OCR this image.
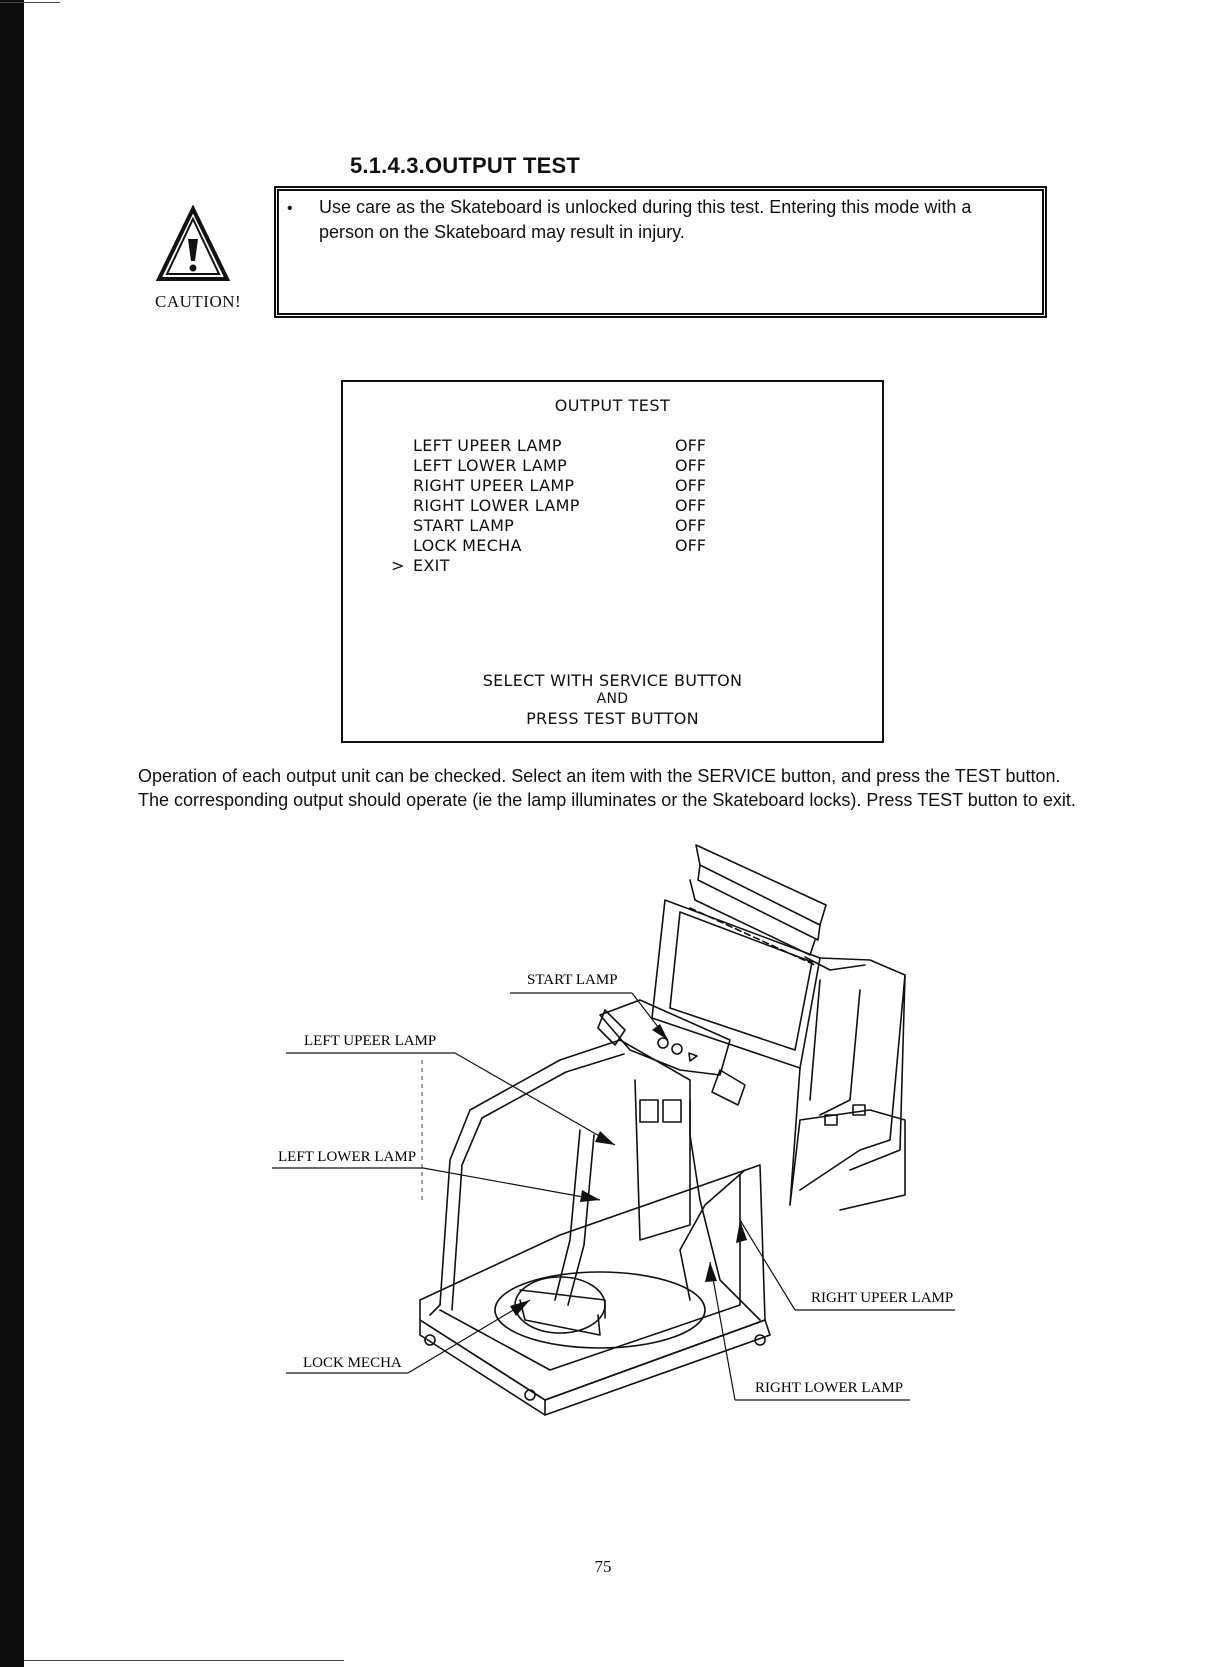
5.1.4.3.OUTPUT TEST
CAUTION!
• Use care as the Skateboard is unlocked during this test. Entering this mode with a person on the Skateboard may result in injury.
OUTPUT TEST
LEFT UPEER LAMP	OFF
LEFT LOWER LAMP	OFF
RIGHT UPEER LAMP	OFF
RIGHT LOWER LAMP	OFF
START LAMP	OFF
LOCK MECHA	OFF
> EXIT
SELECT WITH SERVICE BUTTON
AND
PRESS TEST BUTTON
Operation of each output unit can be checked. Select an item with the SERVICE button, and press the TEST button. The corresponding output should operate (ie the lamp illuminates or the Skateboard locks). Press TEST button to exit.
START LAMP
LEFT UPEER LAMP
LEFT LOWER LAMP
RIGHT UPEER LAMP
RIGHT LOWER LAMP
LOCK MECHA
75
